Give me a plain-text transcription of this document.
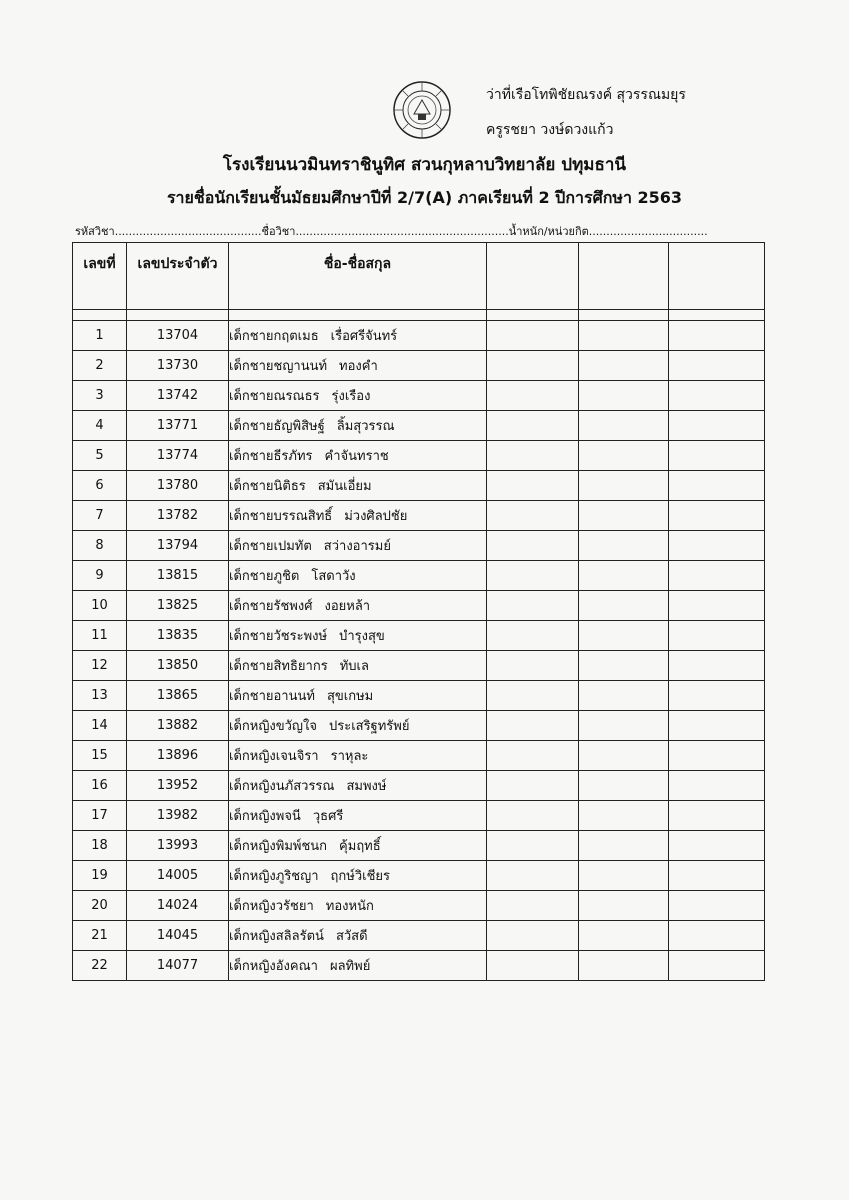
ว่าที่เรือโทพิชัยณรงค์ สุวรรณมยุร
ครูรชยา วงษ์ดวงแก้ว
โรงเรียนนวมินทราชินูทิศ สวนกุหลาบวิทยาลัย ปทุมธานี
รายชื่อนักเรียนชั้นมัธยมศึกษาปีที่ 2/7(A) ภาคเรียนที่ 2 ปีการศึกษา 2563
รหัสวิชา..........................................ชื่อวิชา.............................................................น้ำหนัก/หน่วยกิต..................................
เลขที่	เลขประจำตัว	ชื่อ-ชื่อสกุล			

1	13704	เด็กชายกฤตเมธ เรื่อศรีจันทร์			
2	13730	เด็กชายชญานนท์ ทองคำ			
3	13742	เด็กชายณรณธร รุ่งเรือง			
4	13771	เด็กชายธัญพิสิษฐ์ ลิ้มสุวรรณ			
5	13774	เด็กชายธีรภัทร คำจันทราช			
6	13780	เด็กชายนิติธร สมันเอี่ยม			
7	13782	เด็กชายบรรณสิทธิ์ ม่วงศิลปชัย			
8	13794	เด็กชายเปมทัต สว่างอารมย์			
9	13815	เด็กชายภูชิต โสดาวัง			
10	13825	เด็กชายรัชพงศ์ งอยหล้า			
11	13835	เด็กชายวัชระพงษ์ บำรุงสุข			
12	13850	เด็กชายสิทธิยากร ทับเล			
13	13865	เด็กชายอานนท์ สุขเกษม			
14	13882	เด็กหญิงขวัญใจ ประเสริฐทรัพย์			
15	13896	เด็กหญิงเจนจิรา ราหุละ			
16	13952	เด็กหญิงนภัสวรรณ สมพงษ์			
17	13982	เด็กหญิงพจนี วุธศรี			
18	13993	เด็กหญิงพิมพ์ชนก คุ้มฤทธิ์			
19	14005	เด็กหญิงภูริชญา ฤกษ์วิเชียร			
20	14024	เด็กหญิงวรัชยา ทองหนัก			
21	14045	เด็กหญิงสลิลรัตน์ สวัสดี			
22	14077	เด็กหญิงอังคณา ผลทิพย์			
